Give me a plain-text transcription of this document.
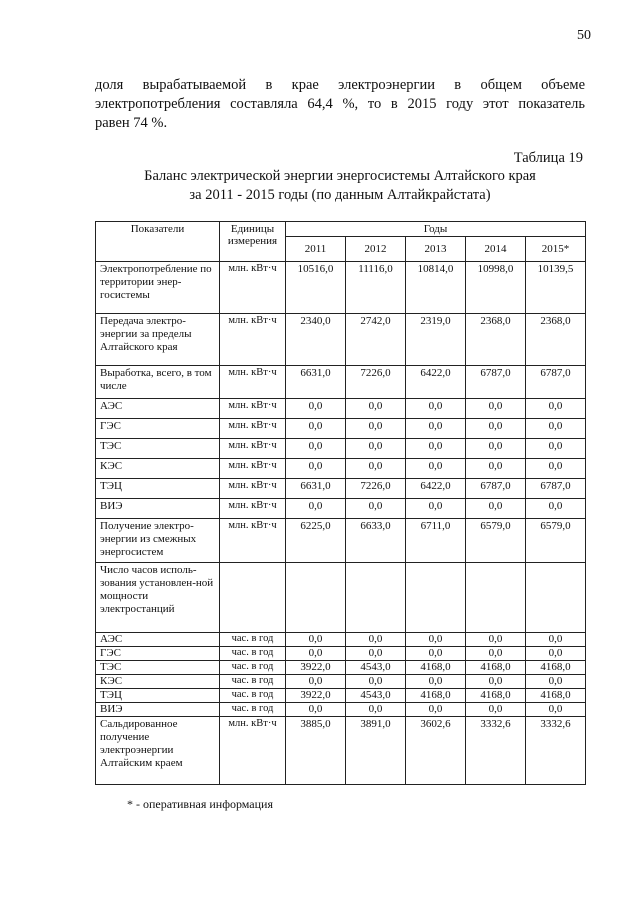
50
доля вырабатываемой в крае электроэнергии в общем объеме
электропотребления составляла 64,4 %, то в 2015 году этот показатель
равен 74 %.
Таблица 19
Баланс электрической энергии энергосистемы Алтайского края
за 2011 - 2015 годы (по данным Алтайкрайстата)
Показатели	Единицы измерения	Годы				
		2011	2012	2013	2014	2015*
Электропотребление по территории энер-госистемы	млн. кВт·ч	10516,0	11116,0	10814,0	10998,0	10139,5
Передача электро-энергии за пределы Алтайского края	млн. кВт·ч	2340,0	2742,0	2319,0	2368,0	2368,0
Выработка, всего, в том числе	млн. кВт·ч	6631,0	7226,0	6422,0	6787,0	6787,0
АЭС	млн. кВт·ч	0,0	0,0	0,0	0,0	0,0
ГЭС	млн. кВт·ч	0,0	0,0	0,0	0,0	0,0
ТЭС	млн. кВт·ч	0,0	0,0	0,0	0,0	0,0
КЭС	млн. кВт·ч	0,0	0,0	0,0	0,0	0,0
ТЭЦ	млн. кВт·ч	6631,0	7226,0	6422,0	6787,0	6787,0
ВИЭ	млн. кВт·ч	0,0	0,0	0,0	0,0	0,0
Получение электро-энергии из смежных энергосистем	млн. кВт·ч	6225,0	6633,0	6711,0	6579,0	6579,0
Число часов исполь-зования установлен-ной мощности электростанций						
АЭС	час. в год	0,0	0,0	0,0	0,0	0,0
ГЭС	час. в год	0,0	0,0	0,0	0,0	0,0
ТЭС	час. в год	3922,0	4543,0	4168,0	4168,0	4168,0
КЭС	час. в год	0,0	0,0	0,0	0,0	0,0
ТЭЦ	час. в год	3922,0	4543,0	4168,0	4168,0	4168,0
ВИЭ	час. в год	0,0	0,0	0,0	0,0	0,0
Сальдированное получение электроэнергии Алтайским краем	млн. кВт·ч	3885,0	3891,0	3602,6	3332,6	3332,6
* - оперативная информация
